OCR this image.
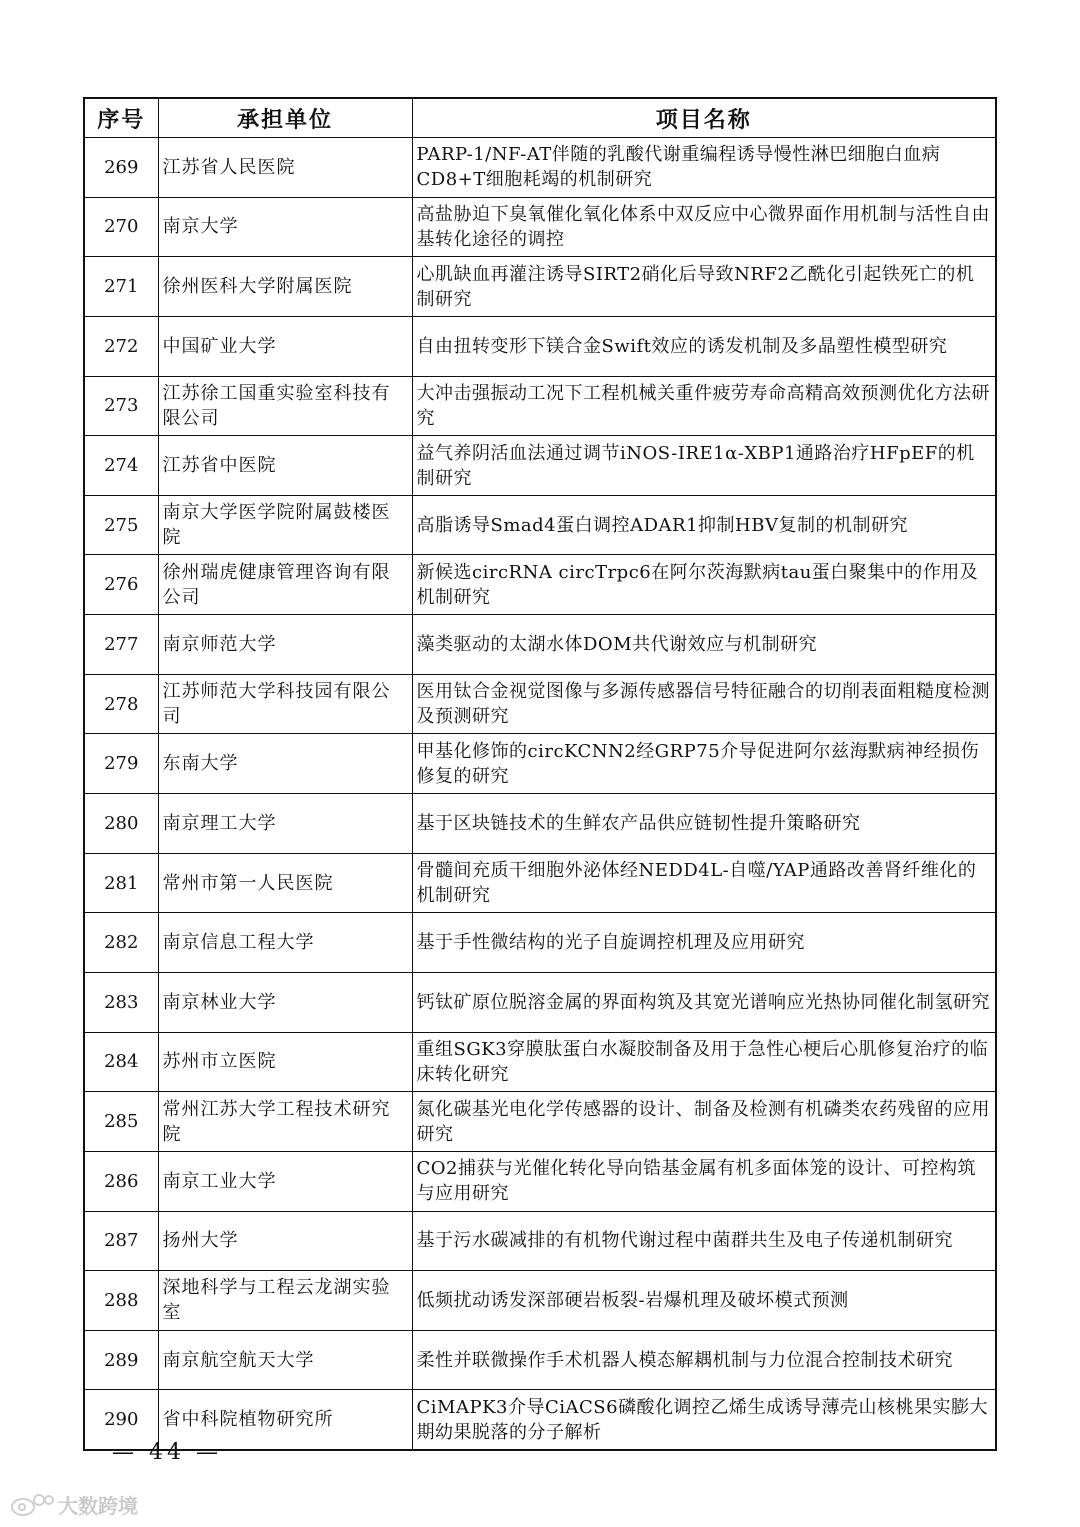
序号	承担单位	项目名称
269	江苏省人民医院	PARP-1/NF-AT伴随的乳酸代谢重编程诱导慢性淋巴细胞白血病CD8+T细胞耗竭的机制研究
270	南京大学	高盐胁迫下臭氧催化氧化体系中双反应中心微界面作用机制与活性自由基转化途径的调控
271	徐州医科大学附属医院	心肌缺血再灌注诱导SIRT2硝化后导致NRF2乙酰化引起铁死亡的机制研究
272	中国矿业大学	自由扭转变形下镁合金Swift效应的诱发机制及多晶塑性模型研究
273	江苏徐工国重实验室科技有限公司	大冲击强振动工况下工程机械关重件疲劳寿命高精高效预测优化方法研究
274	江苏省中医院	益气养阴活血法通过调节iNOS-IRE1α-XBP1通路治疗HFpEF的机制研究
275	南京大学医学院附属鼓楼医院	高脂诱导Smad4蛋白调控ADAR1抑制HBV复制的机制研究
276	徐州瑞虎健康管理咨询有限公司	新候选circRNA circTrpc6在阿尔茨海默病tau蛋白聚集中的作用及机制研究
277	南京师范大学	藻类驱动的太湖水体DOM共代谢效应与机制研究
278	江苏师范大学科技园有限公司	医用钛合金视觉图像与多源传感器信号特征融合的切削表面粗糙度检测及预测研究
279	东南大学	甲基化修饰的circKCNN2经GRP75介导促进阿尔兹海默病神经损伤修复的研究
280	南京理工大学	基于区块链技术的生鲜农产品供应链韧性提升策略研究
281	常州市第一人民医院	骨髓间充质干细胞外泌体经NEDD4L-自噬/YAP通路改善肾纤维化的机制研究
282	南京信息工程大学	基于手性微结构的光子自旋调控机理及应用研究
283	南京林业大学	钙钛矿原位脱溶金属的界面构筑及其宽光谱响应光热协同催化制氢研究
284	苏州市立医院	重组SGK3穿膜肽蛋白水凝胶制备及用于急性心梗后心肌修复治疗的临床转化研究
285	常州江苏大学工程技术研究院	氮化碳基光电化学传感器的设计、制备及检测有机磷类农药残留的应用研究
286	南京工业大学	CO2捕获与光催化转化导向锆基金属有机多面体笼的设计、可控构筑与应用研究
287	扬州大学	基于污水碳减排的有机物代谢过程中菌群共生及电子传递机制研究
288	深地科学与工程云龙湖实验室	低频扰动诱发深部硬岩板裂-岩爆机理及破坏模式预测
289	南京航空航天大学	柔性并联微操作手术机器人模态解耦机制与力位混合控制技术研究
290	省中科院植物研究所	CiMAPK3介导CiACS6磷酸化调控乙烯生成诱导薄壳山核桃果实膨大期幼果脱落的分子解析
— 44 —
大数跨境
